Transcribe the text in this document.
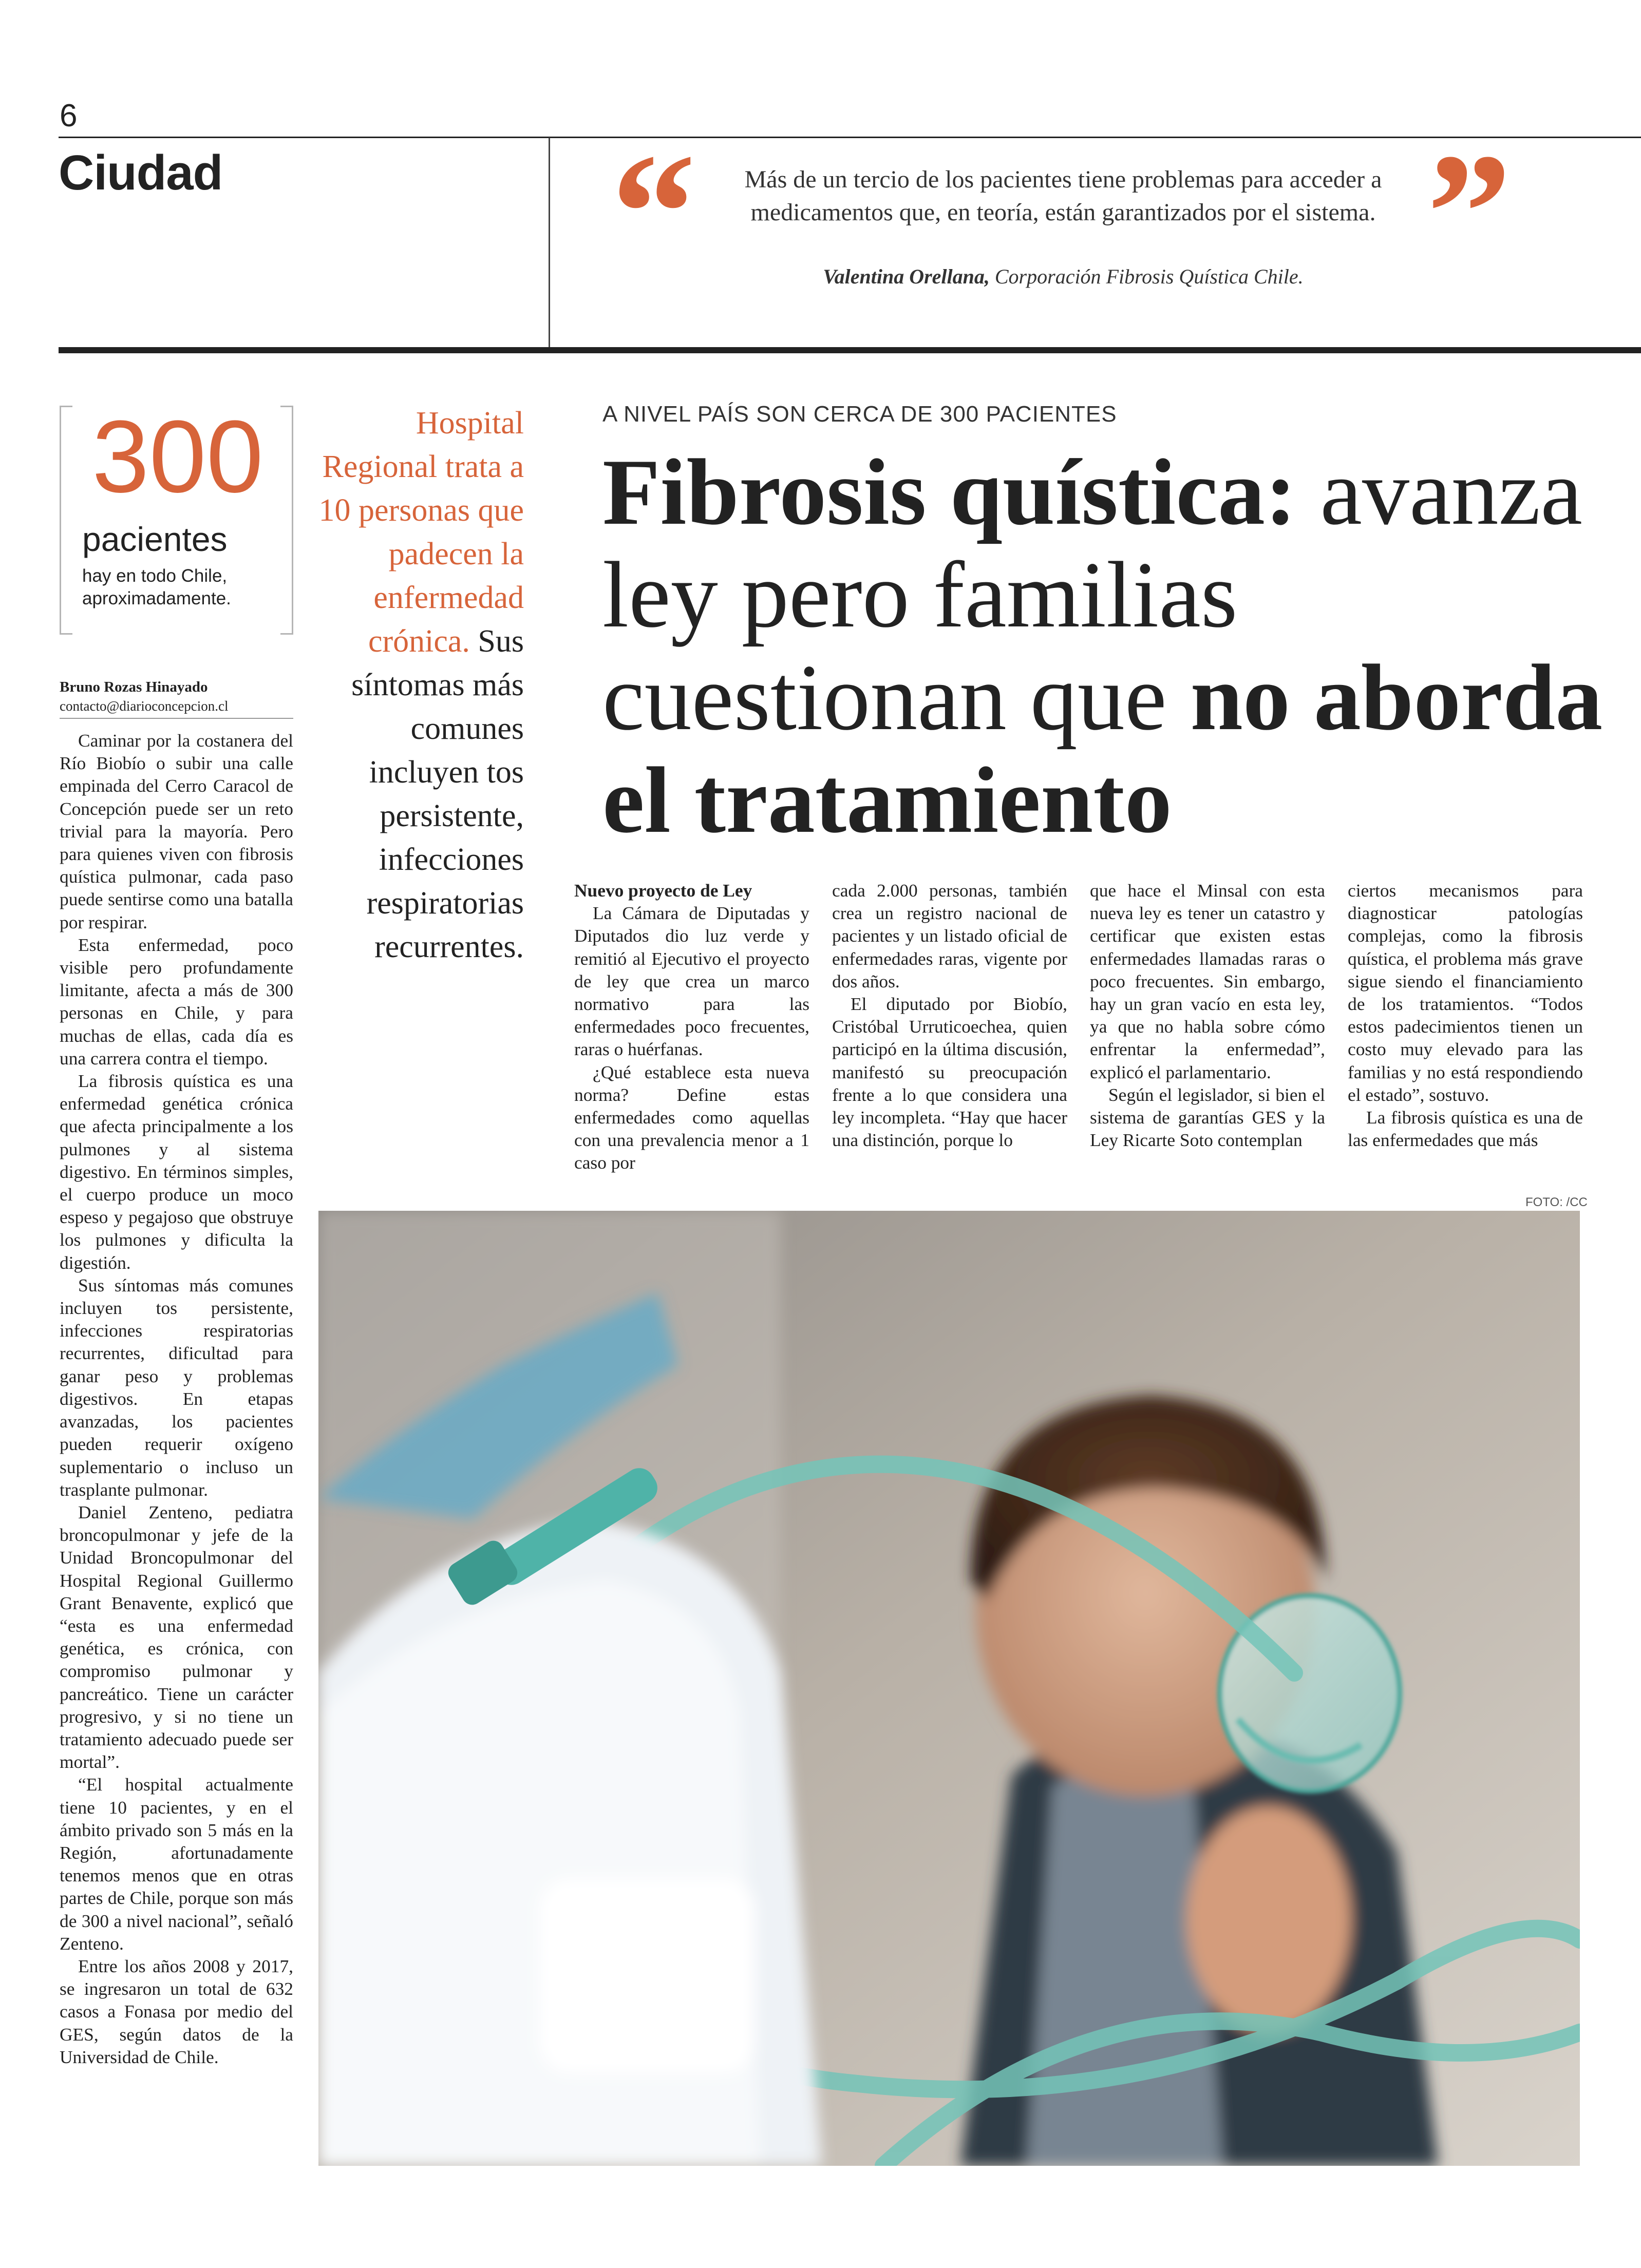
6
Ciudad “	Más de un tercio de los pacientes tiene problemas para acceder a medicamentos que, en teoría, están garantizados por el sistema. ”
Valentina Orellana, Corporación Fibrosis Quística Chile.
300
pacientes
hay en todo Chile,
aproximadamente.
Bruno Rozas Hinayado
contacto@diarioconcepcion.cl

Caminar por la costanera del Río Biobío o subir una calle empinada del Cerro Caracol de Concepción puede ser un reto trivial para la mayoría. Pero para quienes viven con fibrosis quística pulmonar, cada paso puede sentirse como una batalla por respirar.

Esta enfermedad, poco visible pero profundamente limitante, afecta a más de 300 personas en Chile, y para muchas de ellas, cada día es una carrera contra el tiempo.

La fibrosis quística es una enfermedad genética crónica que afecta principalmente a los pulmones y al sistema digestivo. En términos simples, el cuerpo produce un moco espeso y pegajoso que obstruye los pulmones y dificulta la digestión.

Sus síntomas más comunes incluyen tos persistente, infecciones respiratorias recurrentes, dificultad para ganar peso y problemas digestivos. En etapas avanzadas, los pacientes pueden requerir oxígeno suplementario o incluso un trasplante pulmonar.

Daniel Zenteno, pediatra broncopulmonar y jefe de la Unidad Broncopulmonar del Hospital Regional Guillermo Grant Benavente, explicó que “esta es una enfermedad genética, es crónica, con compromiso pulmonar y pancreático. Tiene un carácter progresivo, y si no tiene un tratamiento adecuado puede ser mortal”.

“El hospital actualmente tiene 10 pacientes, y en el ámbito privado son 5 más en la Región, afortunadamente tenemos menos que en otras partes de Chile, porque son más de 300 a nivel nacional”, señaló Zenteno.

Entre los años 2008 y 2017, se ingresaron un total de 632 casos a Fonasa por medio del GES, según datos de la Universidad de Chile.

Hospital Regional trata a 10 personas que padecen la enfermedad crónica. Sus síntomas más comunes incluyen tos persistente, infecciones respiratorias recurrentes.
A NIVEL PAÍS SON CERCA DE 300 PACIENTES
Fibrosis quística: avanza ley pero familias cuestionan que no aborda el tratamiento

Nuevo proyecto de Ley

La Cámara de Diputadas y Diputados dio luz verde y remitió al Ejecutivo el proyecto de ley que crea un marco normativo para las enfermedades poco frecuentes, raras o huérfanas.

¿Qué establece esta nueva norma? Define estas enfermedades como aquellas con una prevalencia menor a 1 caso por

cada 2.000 personas, también crea un registro nacional de pacientes y un listado oficial de enfermedades raras, vigente por dos años.

El diputado por Biobío, Cristóbal Urruticoechea, quien participó en la última discusión, manifestó su preocupación frente a lo que considera una ley incompleta. “Hay que hacer una distinción, porque lo

que hace el Minsal con esta nueva ley es tener un catastro y certificar que existen estas enfermedades llamadas raras o poco frecuentes. Sin embargo, hay un gran vacío en esta ley, ya que no habla sobre cómo enfrentar la enfermedad”, explicó el parlamentario.

Según el legislador, si bien el sistema de garantías GES y la Ley Ricarte Soto contemplan

ciertos mecanismos para diagnosticar patologías complejas, como la fibrosis quística, el problema más grave sigue siendo el financiamiento de los tratamientos. “Todos estos padecimientos tienen un costo muy elevado para las familias y no está respondiendo el estado”, sostuvo.

La fibrosis quística es una de las enfermedades que más

FOTO: /CC
